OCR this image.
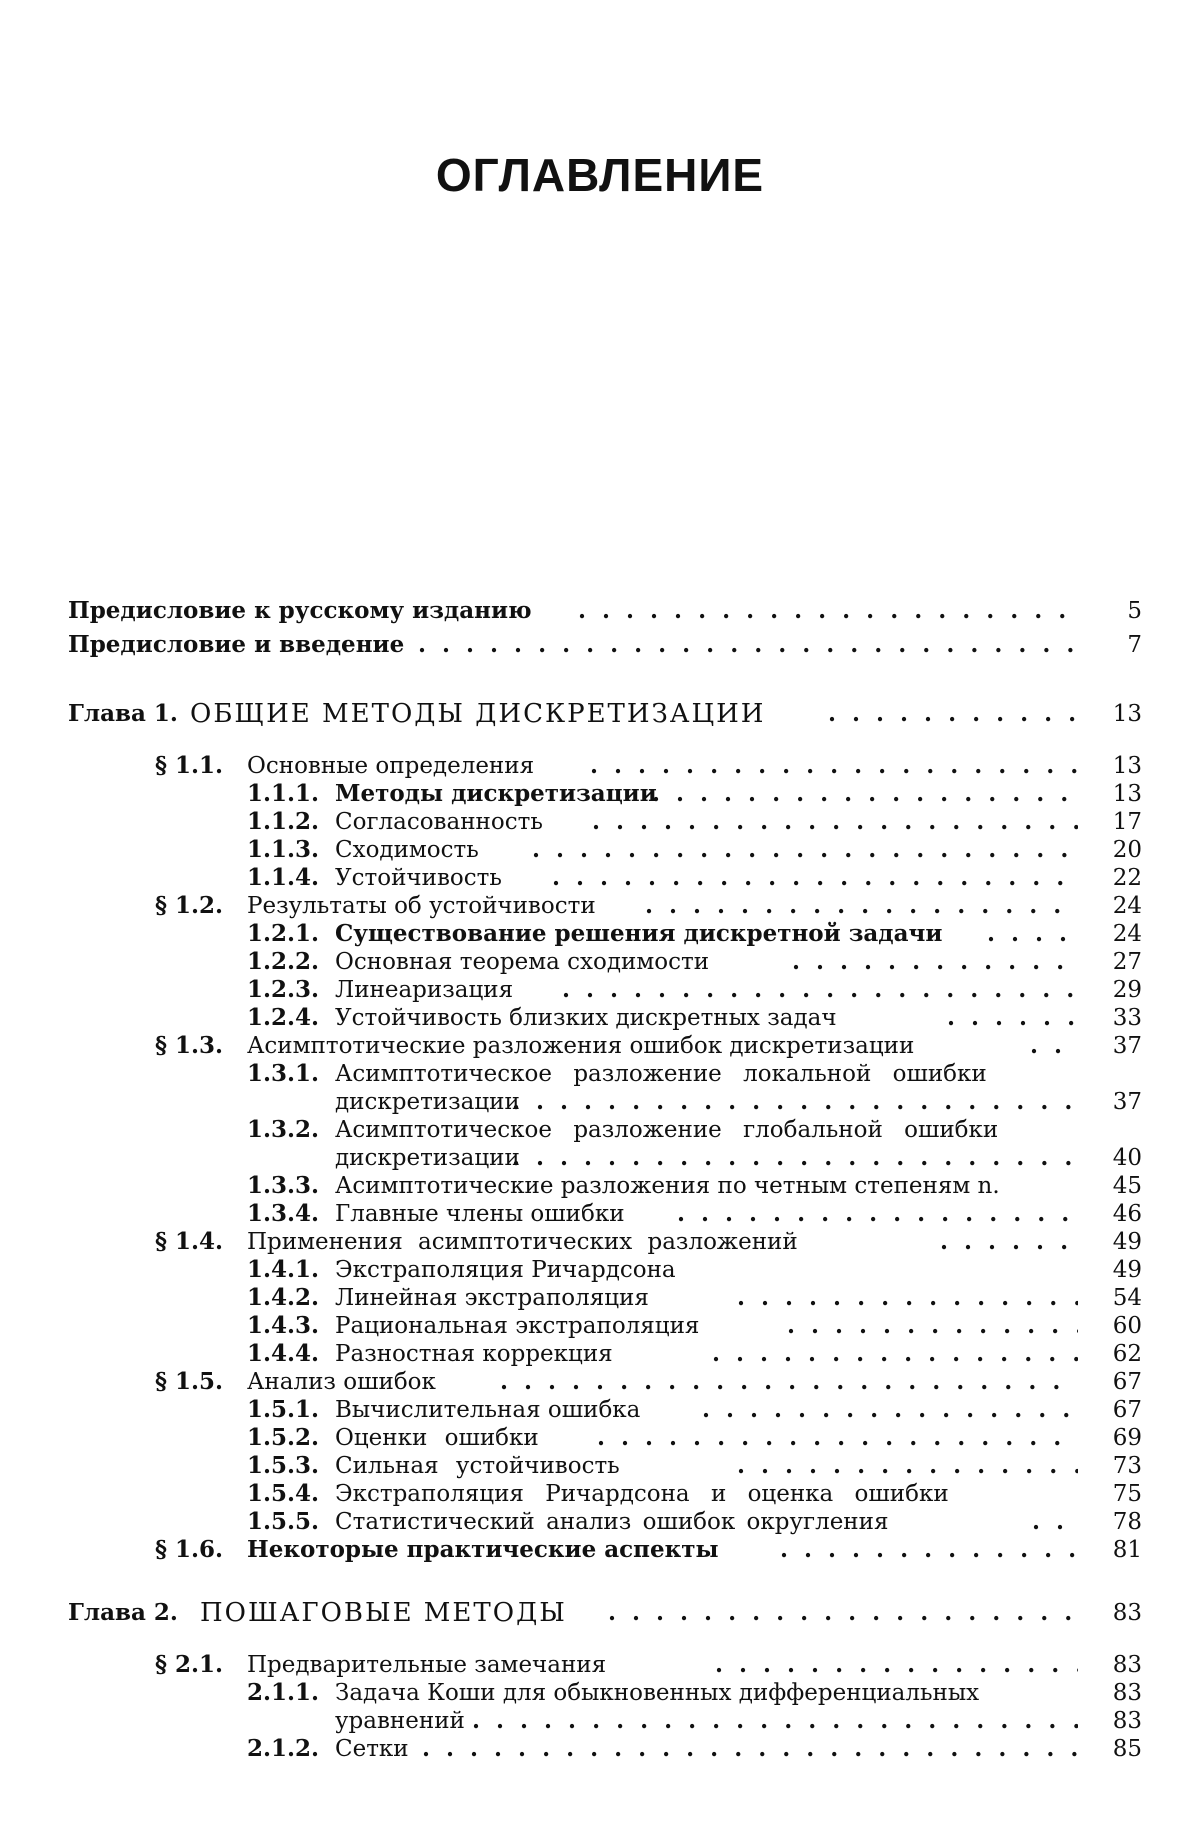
ОГЛАВЛЕНИЕ
Предисловие к русскому изданию . . . . . . . . . . . . . . . . . . . . .	5
Предисловие и введение . . . . . . . . . . . . . . . . . . . . . . . . . . . .	7
Глава 1. ОБЩИЕ МЕТОДЫ ДИСКРЕТИЗАЦИИ	. . . . . . . . . .	13
§ 1.1. Основные определения . . . . . . . . . . . . . . . . . . . .	13
1.1.1. Методы дискретизации
. . . . . . . . . . . . . . . . . .	13
1.1.2. Согласованность . . . . . . . . . . . . . . . . . . . .	17
1.1.3. Сходимость . . . . . . . . . . . . . . . . . . . . . . .	20
1.1.4. Устойчивость . . . . . . . . . . . . . . . . . . . . . .	22
§ 1.2. Результаты об устойчивости . . . . . . . . . . . . . . . . . .	24
1.2.1. Существование решения дискретной задачи . . . .	24
1.2.2. Основная теорема сходимости	. . . . . . . . . . . .	27
1.2.3. Линеаризация . . . . . . . . . . . . . . . . . . . . . .	29
1.2.4. Устойчивость близких дискретных задач	. . . . . .	33
§ 1.3. Асимптотические разложения ошибок дискретизации	. .	37
1.3.1. Асимптотическое разложение локальной ошибки
дискретизации
. . . . . . . . . . . . . . . . . . . . . . . .	37
1.3.2. Асимптотическое разложение глобальной ошибки
дискретизации
. . . . . . . . . . . . . . . . . . . . . . . .	40
1.3.3. Асимптотические разложения по четным степеням n.	45
1.3.4. Главные члены ошибки . . . . . . . . . . . . . . . . .	46
§ 1.4. Применения асимптотических разложений	. . . . . .	49
1.4.1. Экстраполяция Ричардсона	49
1.4.2. Линейная экстраполяция	. . . . . . . . . . . . . .	54
1.4.3. Рациональная экстраполяция	. . . . . . . . . . . .	60
1.4.4. Разностная коррекция	. . . . . . . . . . . . . . .	62
§ 1.5. Анализ ошибок	. . . . . . . . . . . . . . . . . . . . . . . .	67
1.5.1. Вычислительная ошибка	. . . . . . . . . . . . . . . .	67
1.5.2. Оценки ошибки	. . . . . . . . . . . . . . . . . . . .	69
1.5.3. Сильная устойчивость	. . . . . . . . . . . . . .	73
1.5.4. Экстраполяция Ричардсона и оценка ошибки	75
1.5.5. Статистический анализ ошибок округления	. .	78
§ 1.6. Некоторые практические аспекты	. . . . . . . . . . . .	81
Глава 2. ПОШАГОВЫЕ МЕТОДЫ . . . . . . . . . . . . . . . . . . . .	83
§ 2.1. Предварительные замечания	. . . . . . . . . . . . . . .	83
2.1.1. Задача Коши для обыкновенных дифференциальных	83
уравнений . . . . . . . . . . . . . . . . . . . . . . . . .	83
2.1.2. Сетки . . . . . . . . . . . . . . . . . . . . . . . . . . .	85
